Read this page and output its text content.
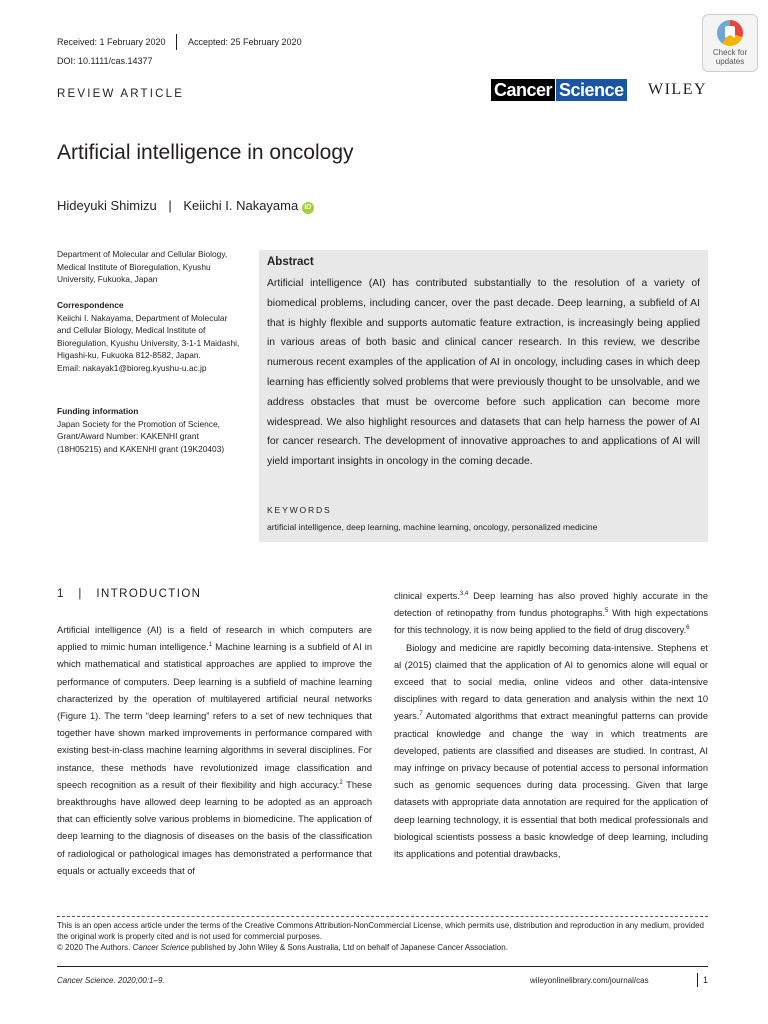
Received: 1 February 2020 Accepted: 25 February 2020
DOI: 10.1111/cas.14377
Check for updates
REVIEW ARTICLE	Cancer Science WILEY
Artificial intelligence in oncology
Hideyuki Shimizu | Keiichi I. Nakayama iD
Department of Molecular and Cellular Biology, Medical Institute of Bioregulation, Kyushu University, Fukuoka, Japan
Correspondence
Keiichi I. Nakayama, Department of Molecular and Cellular Biology, Medical Institute of Bioregulation, Kyushu University, 3-1-1 Maidashi, Higashi-ku, Fukuoka 812-8582, Japan.
Email: nakayak1@bioreg.kyushu-u.ac.jp
Funding information
Japan Society for the Promotion of Science, Grant/Award Number: KAKENHI grant (18H05215) and KAKENHI grant (19K20403)
Abstract
Artificial intelligence (AI) has contributed substantially to the resolution of a variety of biomedical problems, including cancer, over the past decade. Deep learning, a subfield of AI that is highly flexible and supports automatic feature extraction, is increasingly being applied in various areas of both basic and clinical cancer research. In this review, we describe numerous recent examples of the application of AI in oncology, including cases in which deep learning has efficiently solved problems that were previously thought to be unsolvable, and we address obstacles that must be overcome before such application can become more widespread. We also highlight resources and datasets that can help harness the power of AI for cancer research. The development of innovative approaches to and applications of AI will yield important insights in oncology in the coming decade.
KEYWORDS
artificial intelligence, deep learning, machine learning, oncology, personalized medicine
1 | INTRODUCTION

Artificial intelligence (AI) is a field of research in which computers are applied to mimic human intelligence.$^1$ Machine learning is a subfield of AI in which mathematical and statistical approaches are applied to improve the performance of computers. Deep learning is a subfield of machine learning characterized by the operation of multilayered artificial neural networks (Figure 1). The term “deep learning” refers to a set of new techniques that together have shown marked improvements in performance compared with existing best-in-class machine learning algorithms in several disciplines. For instance, these methods have revolutionized image classification and speech recognition as a result of their flexibility and high accuracy.$^2$ These breakthroughs have allowed deep learning to be adopted as an approach that can efficiently solve various problems in biomedicine. The application of deep learning to the diagnosis of diseases on the basis of the classification of radiological or pathological images has demonstrated a performance that equals or actually exceeds that of

clinical experts.$^{3,4}$ Deep learning has also proved highly accurate in the detection of retinopathy from fundus photographs.$^5$ With high expectations for this technology, it is now being applied to the field of drug discovery.$^6$

Biology and medicine are rapidly becoming data-intensive. Stephens et al (2015) claimed that the application of AI to genomics alone will equal or exceed that to social media, online videos and other data-intensive disciplines with regard to data generation and analysis within the next 10 years.$^7$ Automated algorithms that extract meaningful patterns can provide practical knowledge and change the way in which treatments are developed, patients are classified and diseases are studied. In contrast, AI may infringe on privacy because of potential access to personal information such as genomic sequences during data processing. Given that large datasets with appropriate data annotation are required for the application of deep learning technology, it is essential that both medical professionals and biological scientists possess a basic knowledge of deep learning, including its applications and potential drawbacks,

This is an open access article under the terms of the Creative Commons Attribution-NonCommercial License, which permits use, distribution and reproduction in any medium, provided the original work is properly cited and is not used for commercial purposes.
© 2020 The Authors. Cancer Science published by John Wiley & Sons Australia, Ltd on behalf of Japanese Cancer Association.
Cancer Science. 2020;00:1–9.	wileyonlinelibrary.com/journal/cas	1
